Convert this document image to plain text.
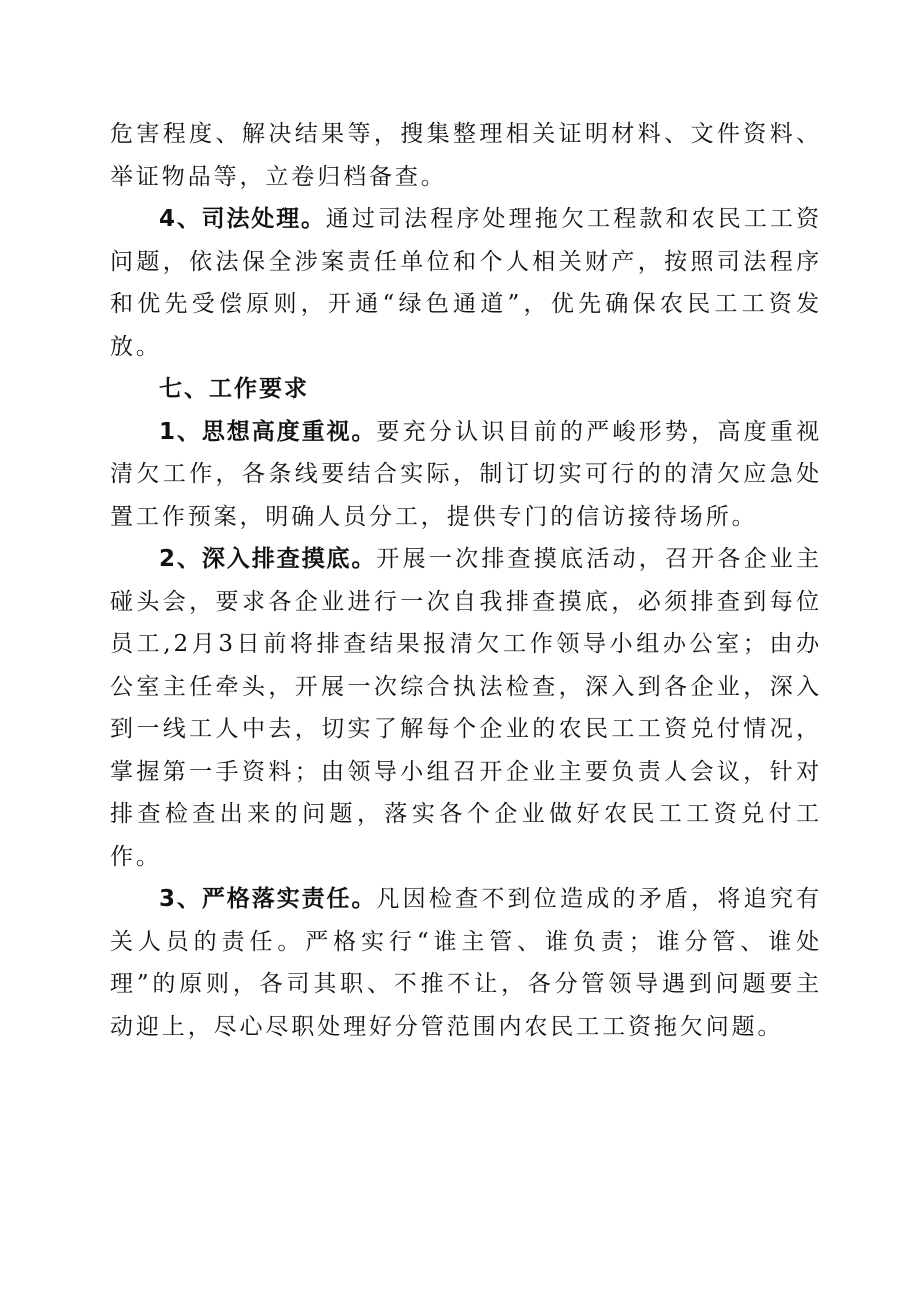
危害程度、解决结果等，搜集整理相关证明材料、文件资料、举证物品等，立卷归档备查。

4、司法处理。通过司法程序处理拖欠工程款和农民工工资问题，依法保全涉案责任单位和个人相关财产，按照司法程序和优先受偿原则，开通“绿色通道”，优先确保农民工工资发放。

七、工作要求

1、思想高度重视。要充分认识目前的严峻形势，高度重视清欠工作，各条线要结合实际，制订切实可行的的清欠应急处置工作预案，明确人员分工，提供专门的信访接待场所。

2、深入排查摸底。开展一次排查摸底活动，召开各企业主碰头会，要求各企业进行一次自我排查摸底，必须排查到每位员工,2月3日前将排查结果报清欠工作领导小组办公室；由办公室主任牵头，开展一次综合执法检查，深入到各企业，深入到一线工人中去，切实了解每个企业的农民工工资兑付情况，掌握第一手资料；由领导小组召开企业主要负责人会议，针对排查检查出来的问题，落实各个企业做好农民工工资兑付工作。

3、严格落实责任。凡因检查不到位造成的矛盾，将追究有关人员的责任。严格实行“谁主管、谁负责；谁分管、谁处理”的原则，各司其职、不推不让，各分管领导遇到问题要主动迎上，尽心尽职处理好分管范围内农民工工资拖欠问题。
